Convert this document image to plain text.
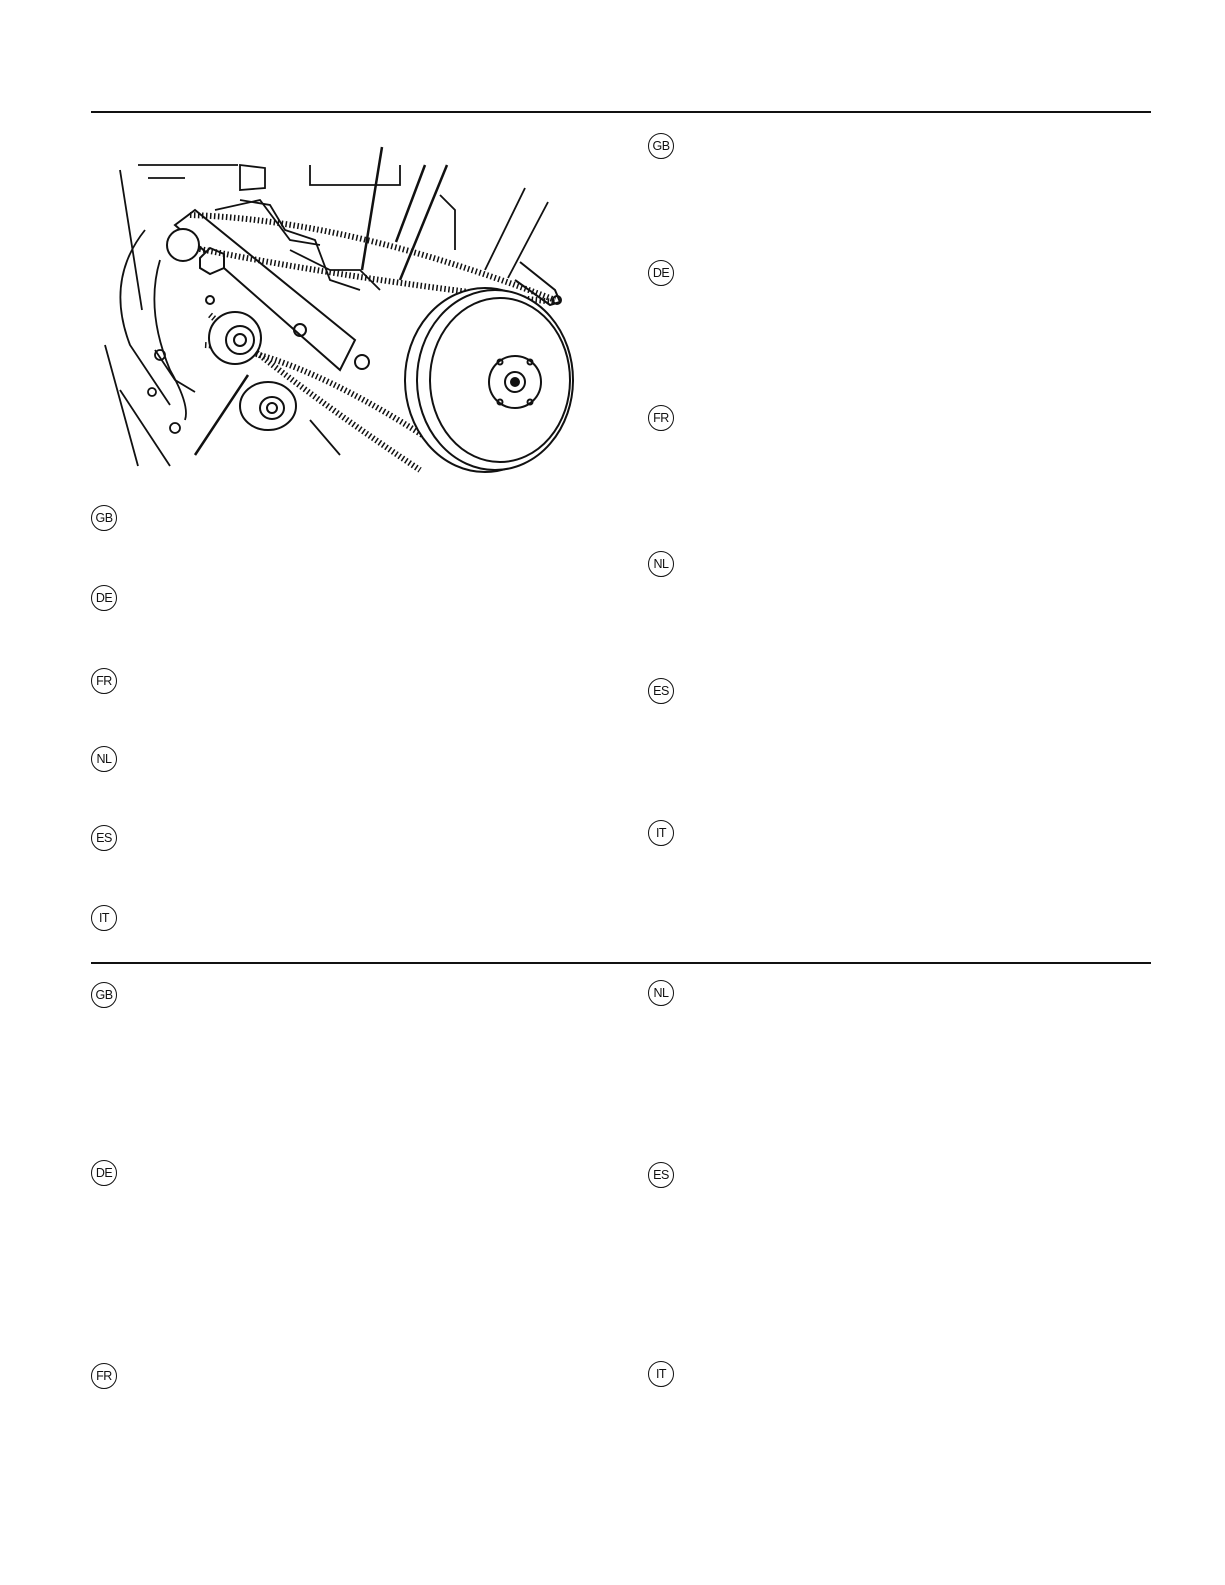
GB
DE
FR
NL
ES
IT
GB
DE
FR
NL
ES
IT
GB
DE
FR
NL
ES
IT
